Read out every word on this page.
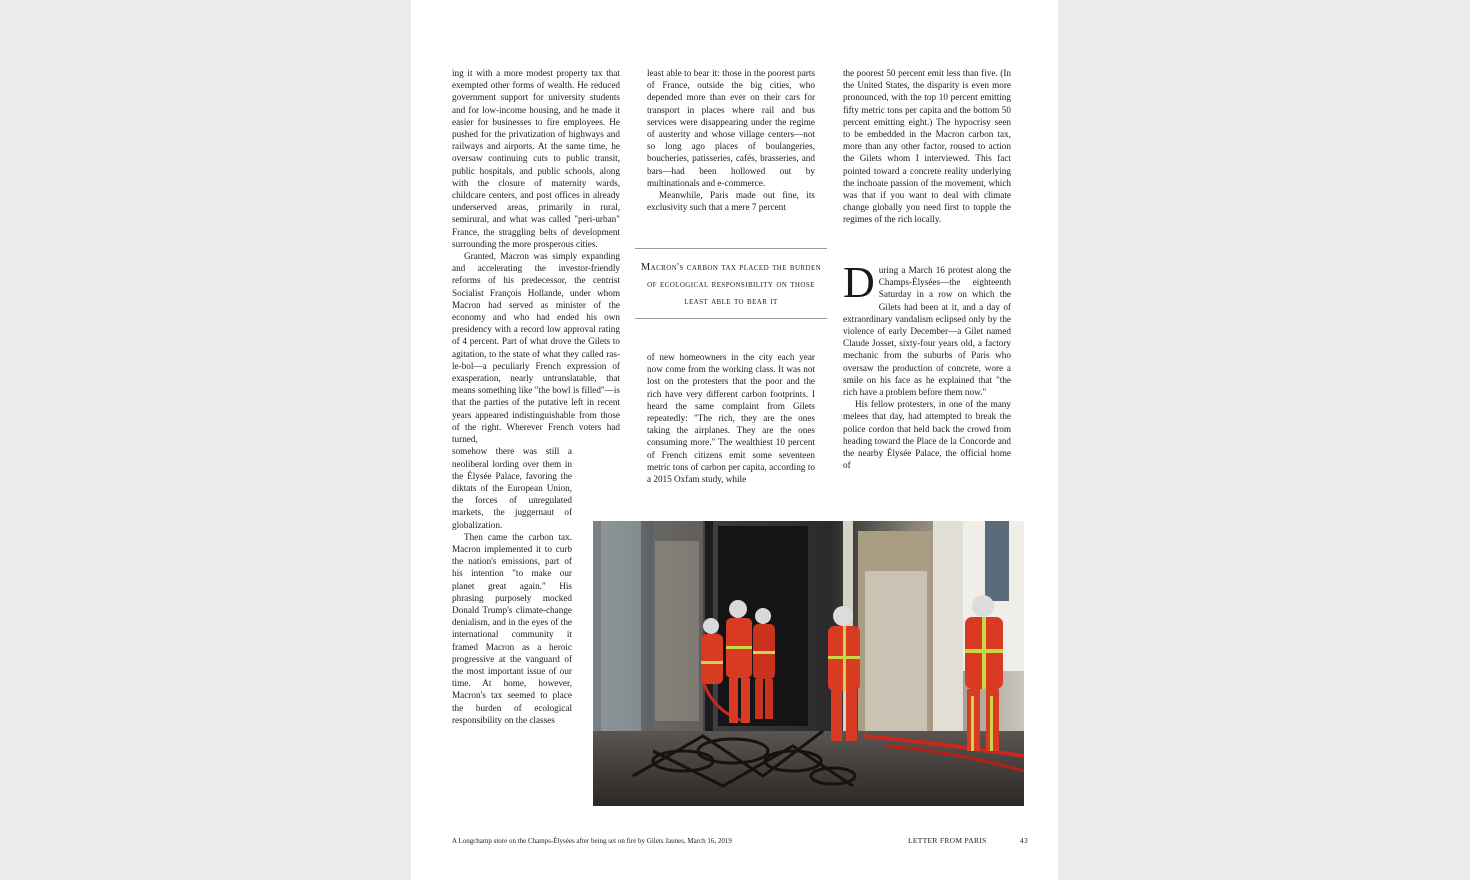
ing it with a more modest property tax that exempted other forms of wealth. He reduced government support for university students and for low-income housing, and he made it easier for businesses to fire employees. He pushed for the privatization of highways and railways and airports. At the same time, he oversaw continuing cuts to public transit, public hospitals, and public schools, along with the closure of maternity wards, childcare centers, and post offices in already underserved areas, primarily in rural, semirural, and what was called "peri-urban" France, the straggling belts of development surrounding the more prosperous cities.

Granted, Macron was simply expanding and accelerating the investor-friendly reforms of his predecessor, the centrist Socialist François Hollande, under whom Macron had served as minister of the economy and who had ended his own presidency with a record low approval rating of 4 percent. Part of what drove the Gilets to agitation, to the state of what they called ras-le-bol—a peculiarly French expression of exasperation, nearly untranslatable, that means something like "the bowl is filled"—is that the parties of the putative left in recent years appeared indistinguishable from those of the right. Wherever French voters had turned,

somehow there was still a neoliberal lording over them in the Élysée Palace, favoring the diktats of the European Union, the forces of unregulated markets, the juggernaut of globalization.

Then came the carbon tax. Macron implemented it to curb the nation's emissions, part of his intention "to make our planet great again." His phrasing purposely mocked Donald Trump's climate-change denialism, and in the eyes of the international community it framed Macron as a heroic progressive at the vanguard of the most important issue of our time. At home, however, Macron's tax seemed to place the burden of ecological responsibility on the classes

least able to bear it: those in the poorest parts of France, outside the big cities, who depended more than ever on their cars for transport in places where rail and bus services were disappearing under the regime of austerity and whose village centers—not so long ago places of boulangeries, boucheries, patisseries, cafés, brasseries, and bars—had been hollowed out by multinationals and e-commerce.

Meanwhile, Paris made out fine, its exclusivity such that a mere 7 percent

Macron's carbon tax placed the burden of ecological responsibility on those least able to bear it

of new homeowners in the city each year now come from the working class. It was not lost on the protesters that the poor and the rich have very different carbon footprints. I heard the same complaint from Gilets repeatedly: "The rich, they are the ones taking the airplanes. They are the ones consuming more." The wealthiest 10 percent of French citizens emit some seventeen metric tons of carbon per capita, according to a 2015 Oxfam study, while

the poorest 50 percent emit less than five. (In the United States, the disparity is even more pronounced, with the top 10 percent emitting fifty metric tons per capita and the bottom 50 percent emitting eight.) The hypocrisy seen to be embedded in the Macron carbon tax, more than any other factor, roused to action the Gilets whom I interviewed. This fact pointed toward a concrete reality underlying the inchoate passion of the movement, which was that if you want to deal with climate change globally you need first to topple the regimes of the rich locally.

During a March 16 protest along the Champs-Élysées—the eighteenth Saturday in a row on which the Gilets had been at it, and a day of extraordinary vandalism eclipsed only by the violence of early December—a Gilet named Claude Josset, sixty-four years old, a factory mechanic from the suburbs of Paris who oversaw the production of concrete, wore a smile on his face as he explained that "the rich have a problem before them now."

His fellow protesters, in one of the many melees that day, had attempted to break the police cordon that held back the crowd from heading toward the Place de la Concorde and the nearby Élysée Palace, the official home of

A Longchamp store on the Champs-Élysées after being set on fire by Gilets Jaunes, March 16, 2019	LETTER FROM PARIS	43
